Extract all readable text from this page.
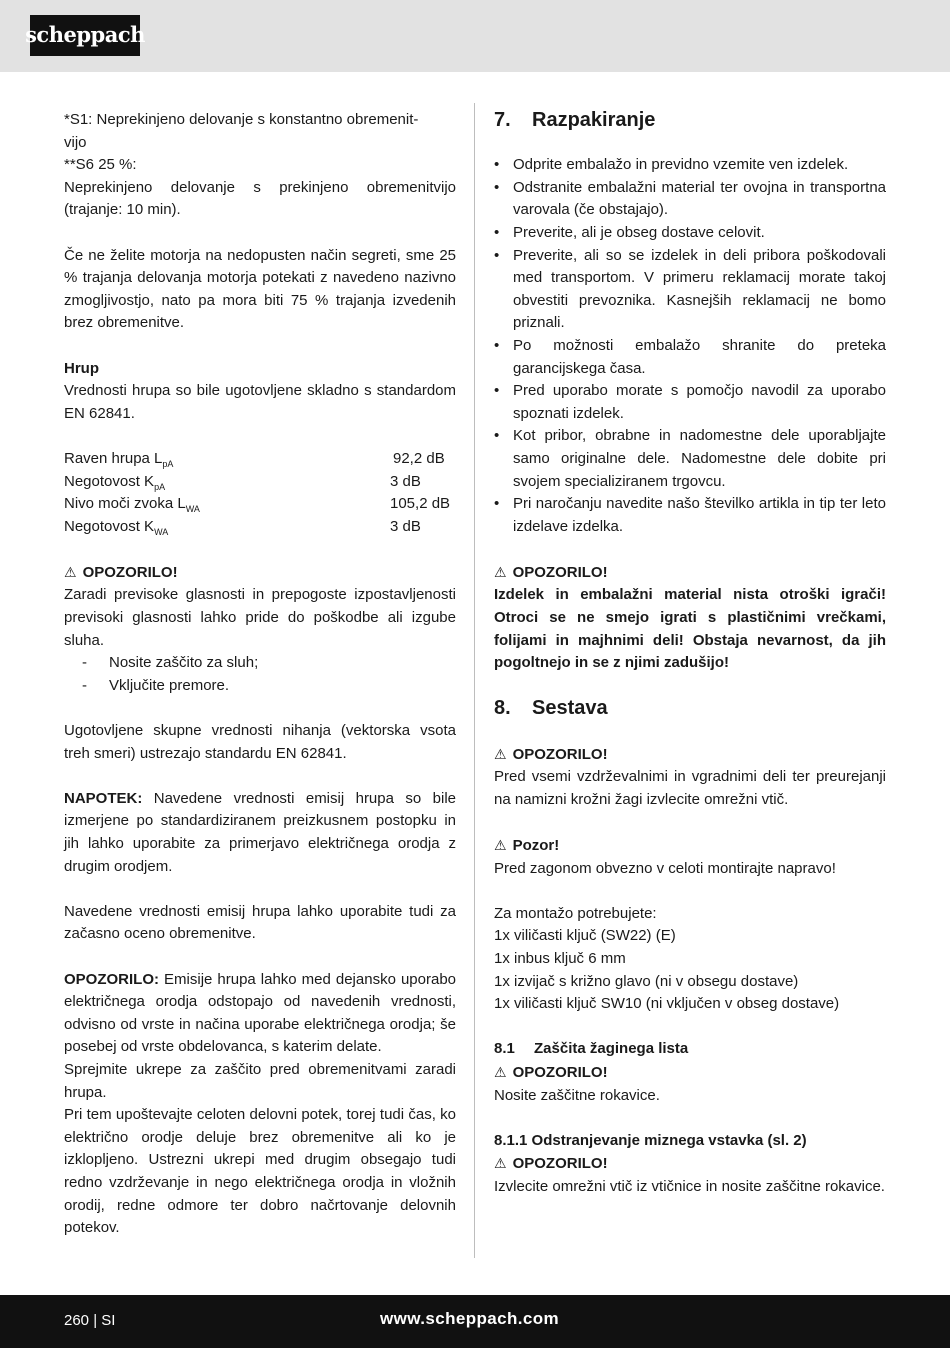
scheppach

*S1: Neprekinjeno delovanje s konstantno obremenit-
vijo

**S6 25 %:

Neprekinjeno delovanje s prekinjeno obremenitvijo (trajanje: 10 min).

Če ne želite motorja na nedopusten način segreti, sme 25 % trajanja delovanja motorja potekati z navedeno nazivno zmogljivostjo, nato pa mora biti 75 % trajanja izvedenih brez obremenitve.

Hrup

Vrednosti hrupa so bile ugotovljene skladno s standardom EN 62841.

Raven hrupa $L_{pA}$	92,2 dB
Negotovost $K_{pA}$	3 dB
Nivo moči zvoka $L_{WA}$	105,2 dB
Negotovost $K_{WA}$	3 dB

⚠ OPOZORILO!

Zaradi previsoke glasnosti in prepogoste izpostavljenosti previsoki glasnosti lahko pride do poškodbe ali izgube sluha.

-	Nosite zaščito za sluh;
-	Vključite premore.

Ugotovljene skupne vrednosti nihanja (vektorska vsota treh smeri) ustrezajo standardu EN 62841.

NAPOTEK: Navedene vrednosti emisij hrupa so bile izmerjene po standardiziranem preizkusnem postopku in jih lahko uporabite za primerjavo električnega orodja z drugim orodjem.

Navedene vrednosti emisij hrupa lahko uporabite tudi za začasno oceno obremenitve.

OPOZORILO: Emisije hrupa lahko med dejansko uporabo električnega orodja odstopajo od navedenih vrednosti, odvisno od vrste in načina uporabe električnega orodja; še posebej od vrste obdelovanca, s katerim delate.

Sprejmite ukrepe za zaščito pred obremenitvami zaradi hrupa.

Pri tem upoštevajte celoten delovni potek, torej tudi čas, ko električno orodje deluje brez obremenitve ali ko je izklopljeno. Ustrezni ukrepi med drugim obsegajo tudi redno vzdrževanje in nego električnega orodja in vložnih orodij, redne odmore ter dobro načrtovanje delovnih potekov.

7.	Razpakiranje
• Odprite embalažo in previdno vzemite ven izdelek.
• Odstranite embalažni material ter ovojna in transportna varovala (če obstajajo).
• Preverite, ali je obseg dostave celovit.
• Preverite, ali so se izdelek in deli pribora poškodovali med transportom. V primeru reklamacij morate takoj obvestiti prevoznika. Kasnejših reklamacij ne bomo priznali.
• Po možnosti embalažo shranite do preteka garancijskega časa.
• Pred uporabo morate s pomočjo navodil za uporabo spoznati izdelek.
• Kot pribor, obrabne in nadomestne dele uporabljajte samo originalne dele. Nadomestne dele dobite pri svojem specializiranem trgovcu.
• Pri naročanju navedite našo številko artikla in tip ter leto izdelave izdelka.

⚠ OPOZORILO!

Izdelek in embalažni material nista otroški igrači! Otroci se ne smejo igrati s plastičnimi vrečkami, folijami in majhnimi deli! Obstaja nevarnost, da jih pogoltnejo in se z njimi zadušijo!

8.	Sestava

⚠ OPOZORILO!

Pred vsemi vzdrževalnimi in vgradnimi deli ter preurejanji na namizni krožni žagi izvlecite omrežni vtič.

⚠ Pozor!

Pred zagonom obvezno v celoti montirajte napravo!

Za montažo potrebujete:

1x viličasti ključ (SW22) (E)

1x inbus ključ 6 mm

1x izvijač s križno glavo (ni v obsegu dostave)

1x viličasti ključ SW10 (ni vključen v obseg dostave)

8.1	Zaščita žaginega lista

⚠ OPOZORILO!

Nosite zaščitne rokavice.

8.1.1 Odstranjevanje miznega vstavka (sl. 2)

⚠ OPOZORILO!

Izvlecite omrežni vtič iz vtičnice in nosite zaščitne rokavice.

260 | SI	www.scheppach.com
